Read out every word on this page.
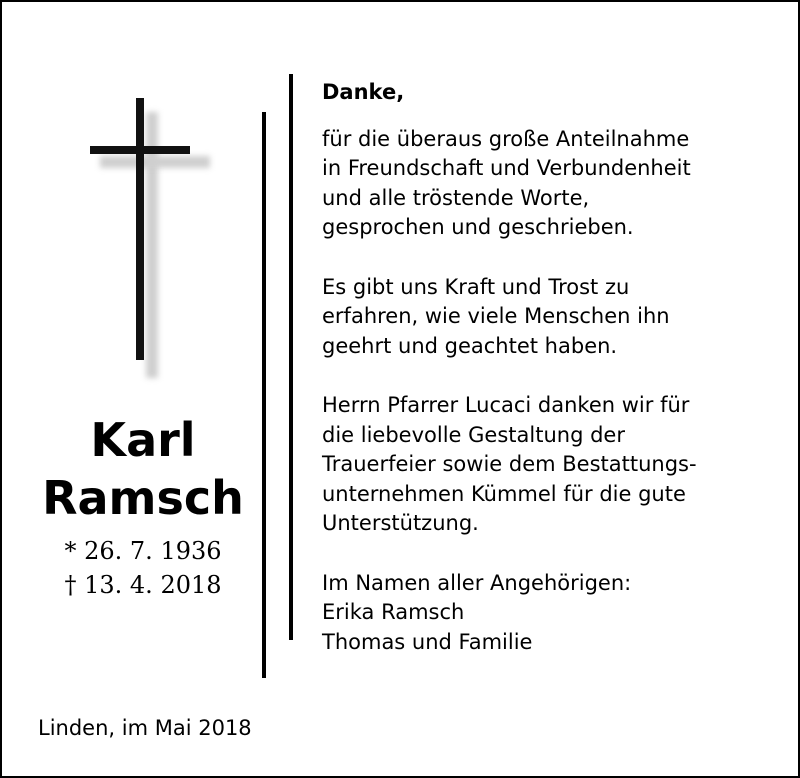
Karl
Ramsch
* 26. 7. 1936
† 13. 4. 2018

Danke,

für die überaus große Anteilnahme
in Freundschaft und Verbundenheit
und alle tröstende Worte,
gesprochen und geschrieben.

Es gibt uns Kraft und Trost zu
erfahren, wie viele Menschen ihn
geehrt und geachtet haben.

Herrn Pfarrer Lucaci danken wir für
die liebevolle Gestaltung der
Trauerfeier sowie dem Bestattungs-
unternehmen Kümmel für die gute
Unterstützung.

Im Namen aller Angehörigen:
Erika Ramsch
Thomas und Familie

Linden, im Mai 2018
